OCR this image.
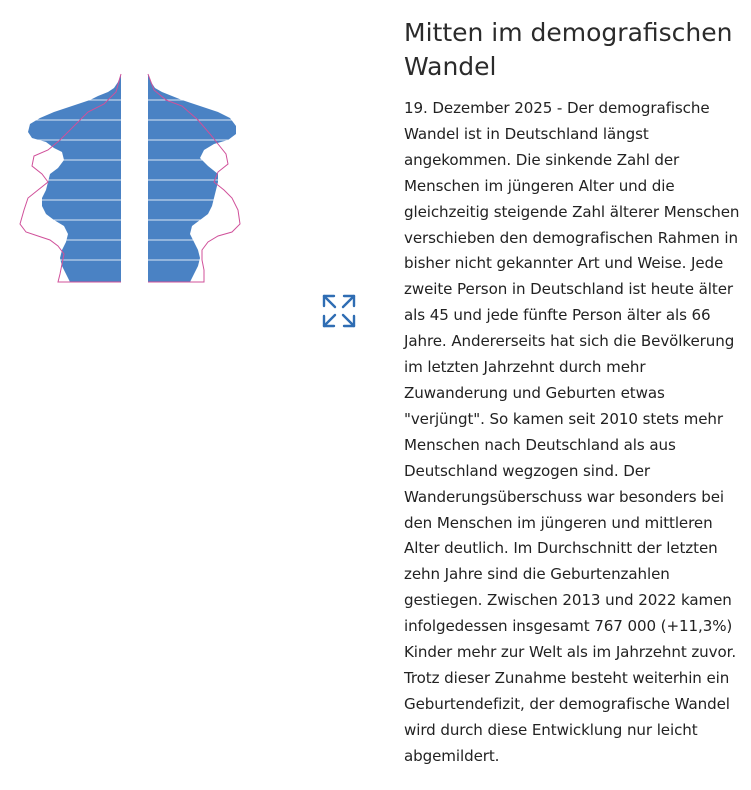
Mitten im demografischen Wandel

19. Dezember 2025 - Der demografische Wandel ist in Deutschland längst angekommen. Die sinkende Zahl der Menschen im jüngeren Alter und die gleichzeitig steigende Zahl älterer Menschen verschieben den demografischen Rahmen in bisher nicht gekannter Art und Weise. Jede zweite Person in Deutschland ist heute älter als 45 und jede fünfte Person älter als 66 Jahre. Andererseits hat sich die Bevölkerung im letzten Jahrzehnt durch mehr Zuwanderung und Geburten etwas "verjüngt". So kamen seit 2010 stets mehr Menschen nach Deutschland als aus Deutschland wegzogen sind. Der Wanderungsüberschuss war besonders bei den Menschen im jüngeren und mittleren Alter deutlich. Im Durchschnitt der letzten zehn Jahre sind die Geburtenzahlen gestiegen. Zwischen 2013 und 2022 kamen infolgedessen insgesamt 767 000 (+11,3%) Kinder mehr zur Welt als im Jahrzehnt zuvor. Trotz dieser Zunahme besteht weiterhin ein Geburtendefizit, der demografische Wandel wird durch diese Entwicklung nur leicht abgemildert.
